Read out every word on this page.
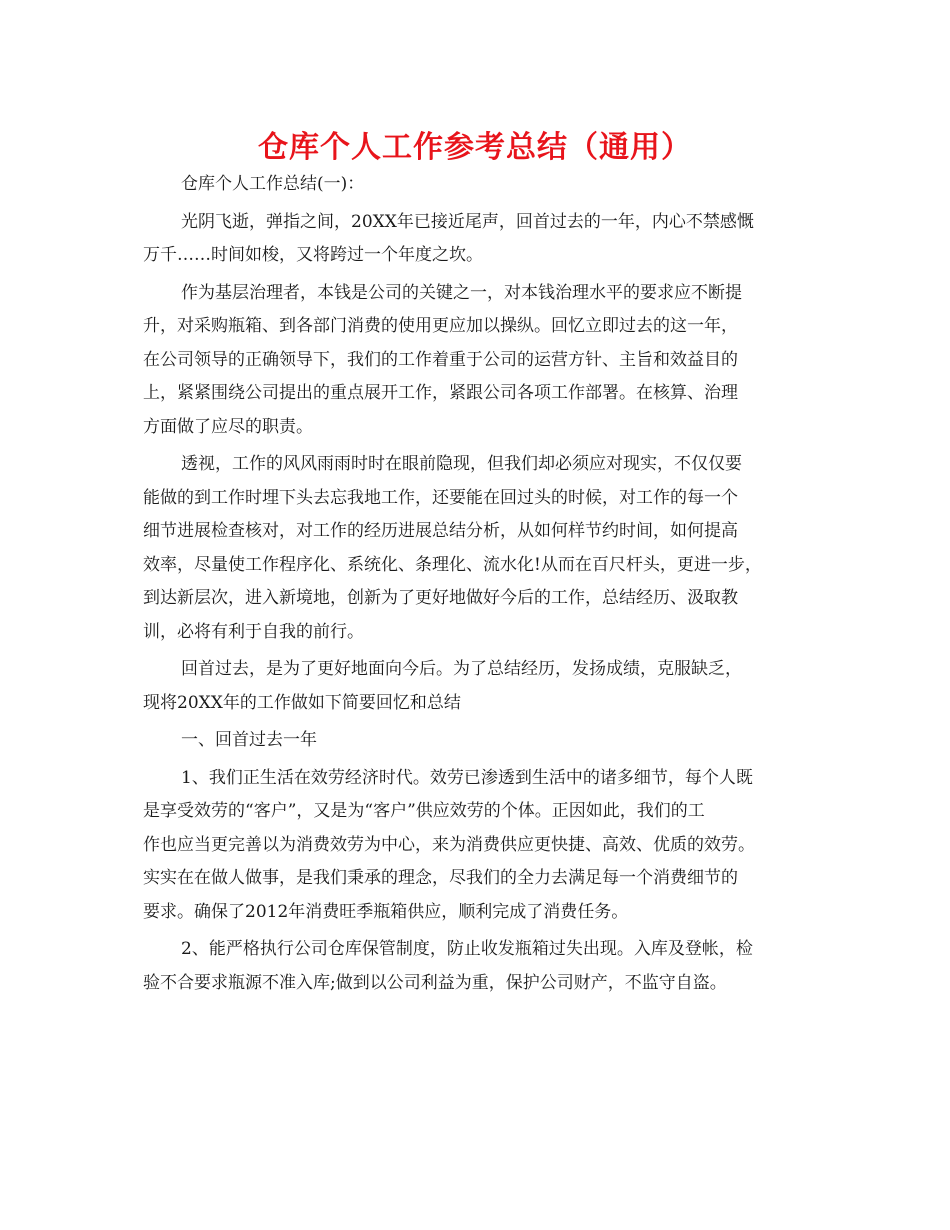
仓库个人工作参考总结（通用）
仓库个人工作总结(一)：
光阴飞逝，弹指之间，20XX年已接近尾声，回首过去的一年，内心不禁感慨
万千……时间如梭，又将跨过一个年度之坎。
作为基层治理者，本钱是公司的关键之一，对本钱治理水平的要求应不断提
升，对采购瓶箱、到各部门消费的使用更应加以操纵。回忆立即过去的这一年，
在公司领导的正确领导下，我们的工作着重于公司的运营方针、主旨和效益目的
上，紧紧围绕公司提出的重点展开工作，紧跟公司各项工作部署。在核算、治理
方面做了应尽的职责。
透视，工作的风风雨雨时时在眼前隐现，但我们却必须应对现实，不仅仅要
能做的到工作时埋下头去忘我地工作，还要能在回过头的时候，对工作的每一个
细节进展检查核对，对工作的经历进展总结分析，从如何样节约时间，如何提高
效率，尽量使工作程序化、系统化、条理化、流水化!从而在百尺杆头，更进一步，
到达新层次，进入新境地，创新为了更好地做好今后的工作，总结经历、汲取教
训，必将有利于自我的前行。
回首过去，是为了更好地面向今后。为了总结经历，发扬成绩，克服缺乏，
现将20XX年的工作做如下简要回忆和总结
一、回首过去一年
1、我们正生活在效劳经济时代。效劳已渗透到生活中的诸多细节，每个人既
是享受效劳的“客户”，又是为“客户”供应效劳的个体。正因如此，我们的工
作也应当更完善以为消费效劳为中心，来为消费供应更快捷、高效、优质的效劳。
实实在在做人做事，是我们秉承的理念，尽我们的全力去满足每一个消费细节的
要求。确保了2012年消费旺季瓶箱供应，顺利完成了消费任务。
2、能严格执行公司仓库保管制度，防止收发瓶箱过失出现。入库及登帐，检
验不合要求瓶源不准入库;做到以公司利益为重，保护公司财产，不监守自盗。
